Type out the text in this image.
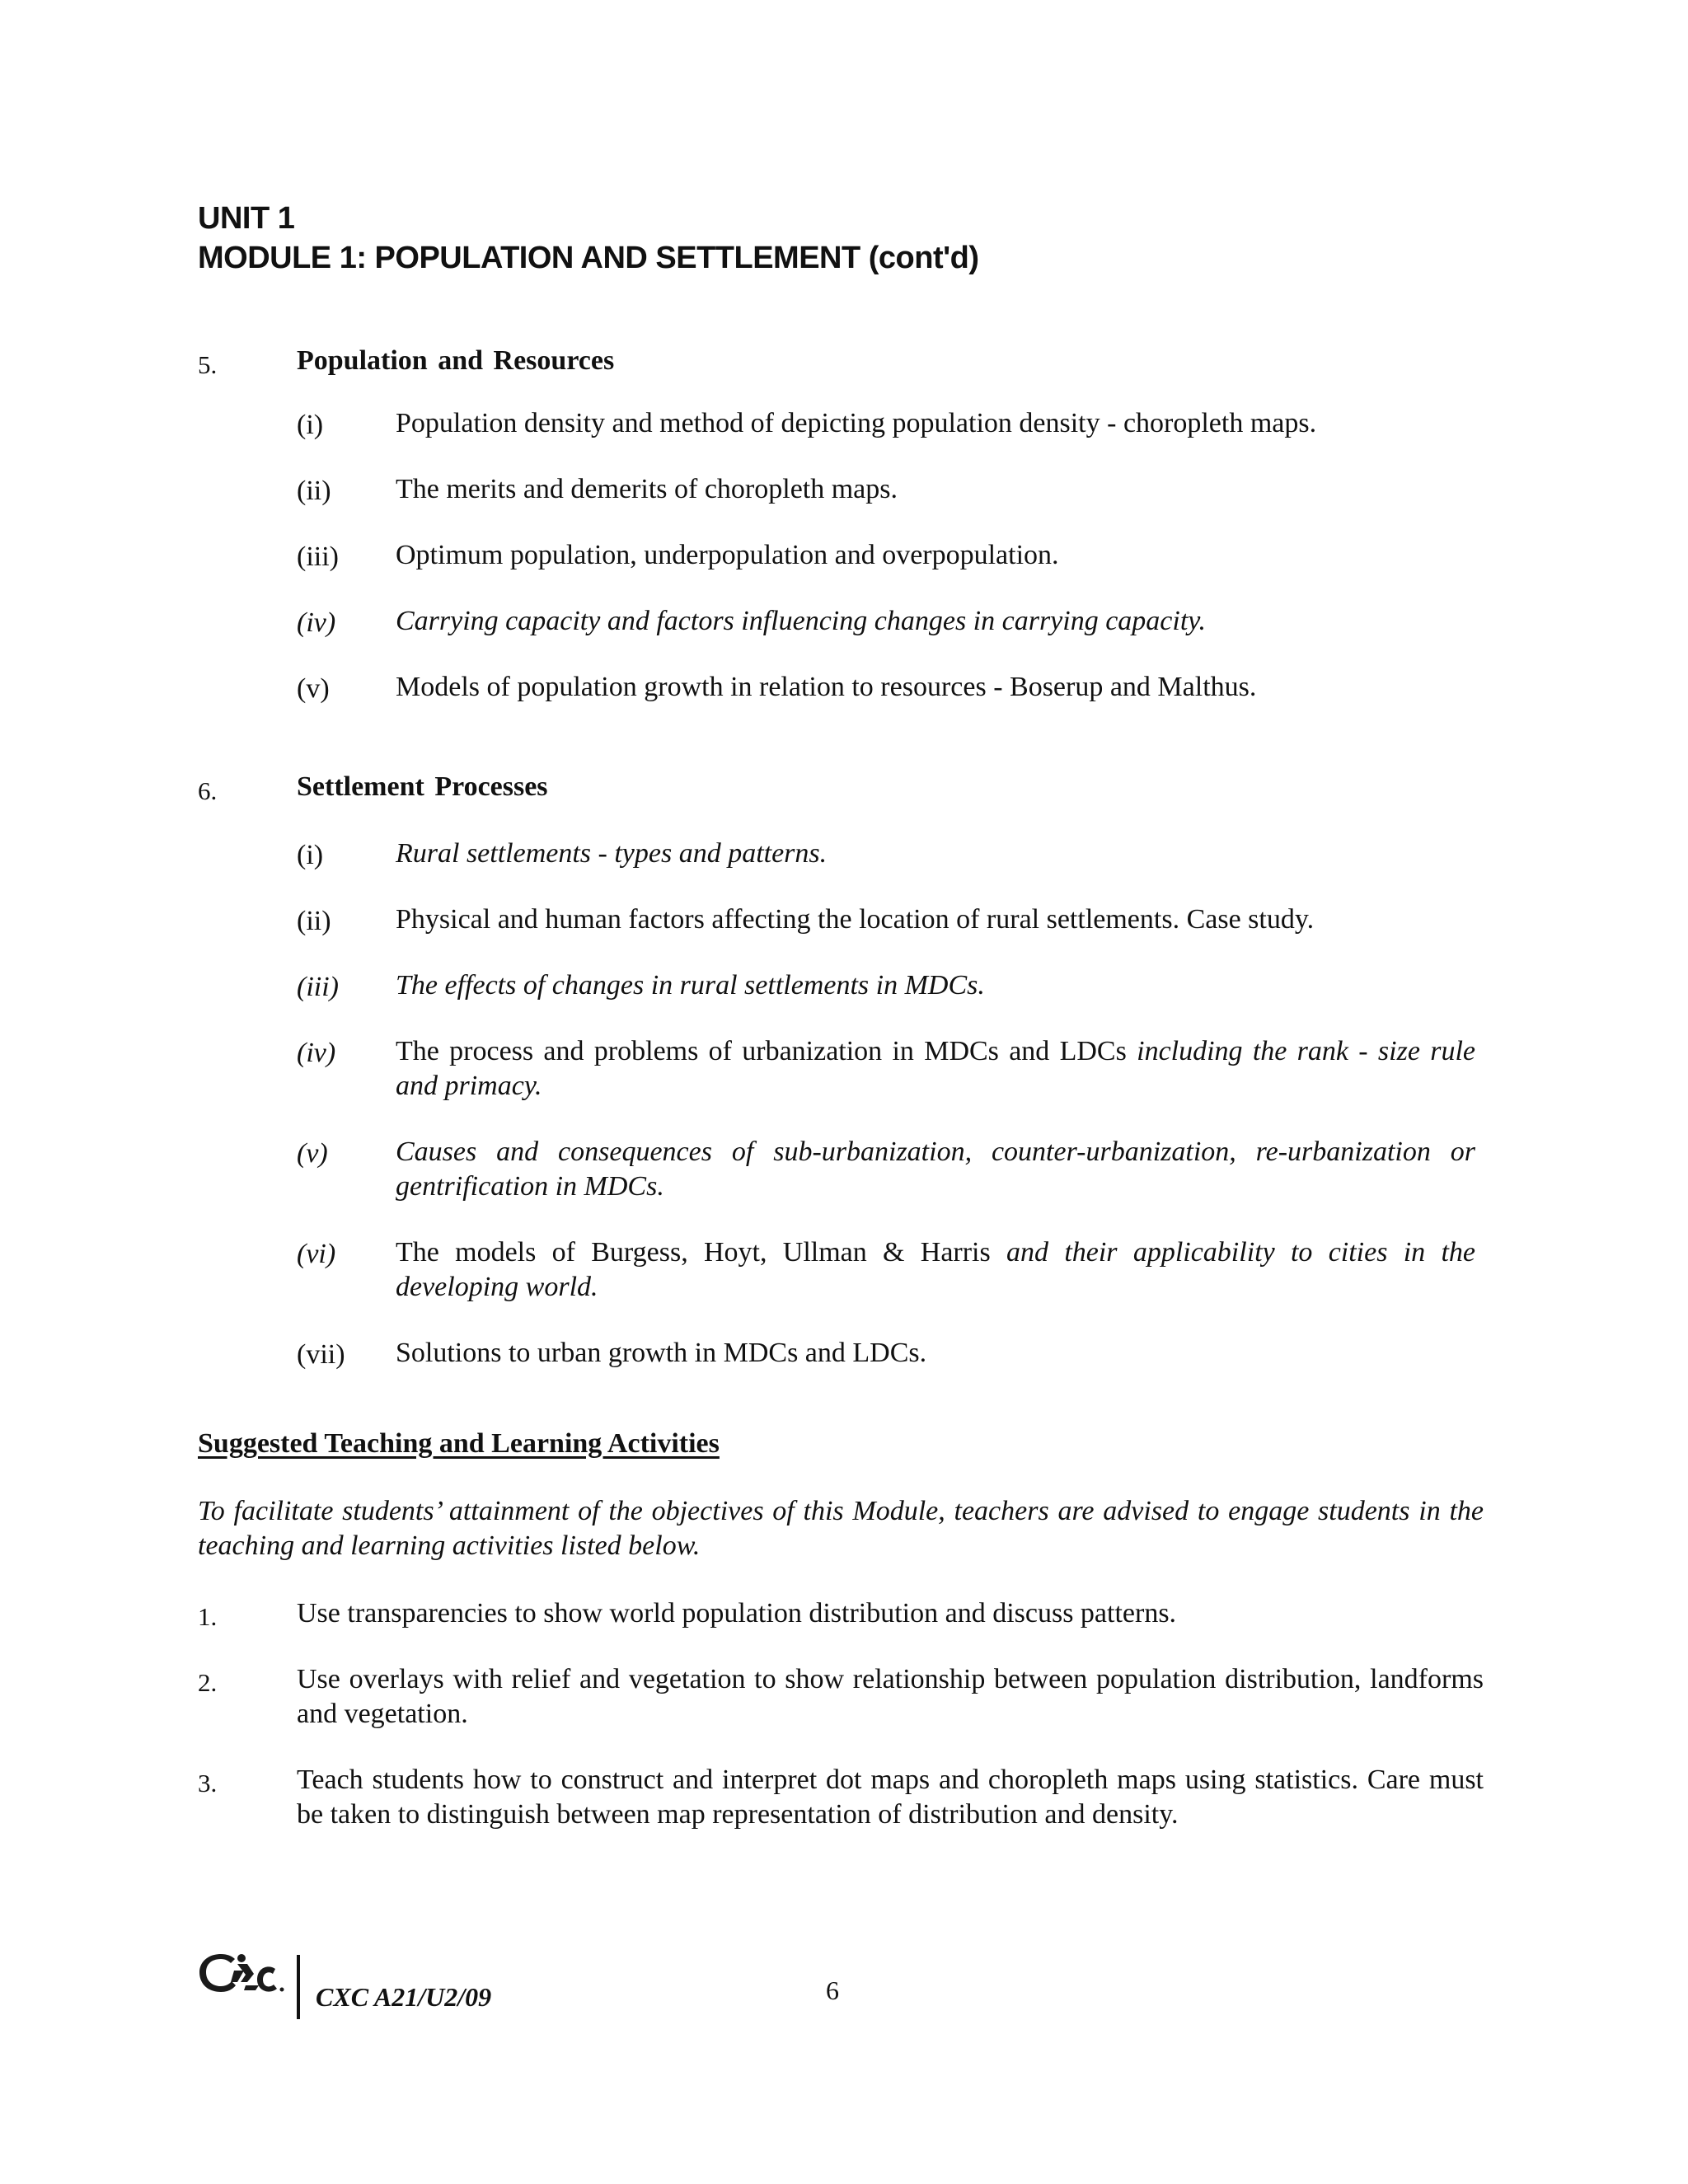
UNIT 1
MODULE 1: POPULATION AND SETTLEMENT (cont'd)
5.	Population and Resources
(i)	Population density and method of depicting population density - choropleth maps.
(ii) The merits and demerits of choropleth maps.
(iii) Optimum population, underpopulation and overpopulation.
(iv) Carrying capacity and factors influencing changes in carrying capacity.
(v) Models of population growth in relation to resources - Boserup and Malthus.
6.	Settlement Processes
(i)	Rural settlements - types and patterns.
(ii) Physical and human factors affecting the location of rural settlements. Case study.
(iii) The effects of changes in rural settlements in MDCs.
(iv) The process and problems of urbanization in MDCs and LDCs including the rank - size rule and primacy.
(v) Causes and consequences of sub-urbanization, counter-urbanization, re-urbanization or gentrification in MDCs.
(vi) The models of Burgess, Hoyt, Ullman & Harris and their applicability to cities in the developing world.
(vii) Solutions to urban growth in MDCs and LDCs.
Suggested Teaching and Learning Activities
To facilitate students’ attainment of the objectives of this Module, teachers are advised to engage students in the teaching and learning activities listed below.
1.	Use transparencies to show world population distribution and discuss patterns.
2.	Use overlays with relief and vegetation to show relationship between population distribution, landforms and vegetation.
3.	Teach students how to construct and interpret dot maps and choropleth maps using statistics. Care must be taken to distinguish between map representation of distribution and density.
CXC A21/U2/09	6
